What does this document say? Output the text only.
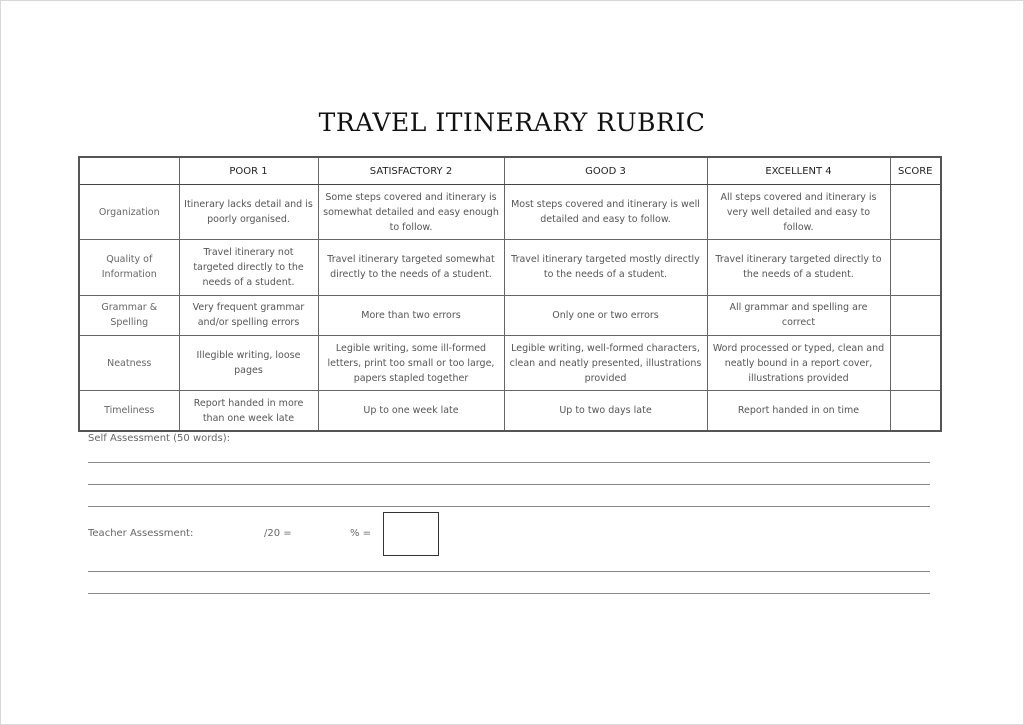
TRAVEL ITINERARY RUBRIC
	POOR 1	SATISFACTORY 2	GOOD 3	EXCELLENT 4	SCORE
Organization	Itinerary lacks detail and is poorly organised.	Some steps covered and itinerary is somewhat detailed and easy enough to follow.	Most steps covered and itinerary is well detailed and easy to follow.	All steps covered and itinerary is very well detailed and easy to follow.	
Quality of Information	Travel itinerary not targeted directly to the needs of a student.	Travel itinerary targeted somewhat directly to the needs of a student.	Travel itinerary targeted mostly directly to the needs of a student.	Travel itinerary targeted directly to the needs of a student.	
Grammar & Spelling	Very frequent grammar and/or spelling errors	More than two errors	Only one or two errors	All grammar and spelling are correct	
Neatness	Illegible writing, loose pages	Legible writing, some ill-formed letters, print too small or too large, papers stapled together	Legible writing, well-formed characters, clean and neatly presented, illustrations provided	Word processed or typed, clean and neatly bound in a report cover, illustrations provided	
Timeliness	Report handed in more than one week late	Up to one week late	Up to two days late	Report handed in on time	
Self Assessment (50 words):
Teacher Assessment:	/20 =	% =
